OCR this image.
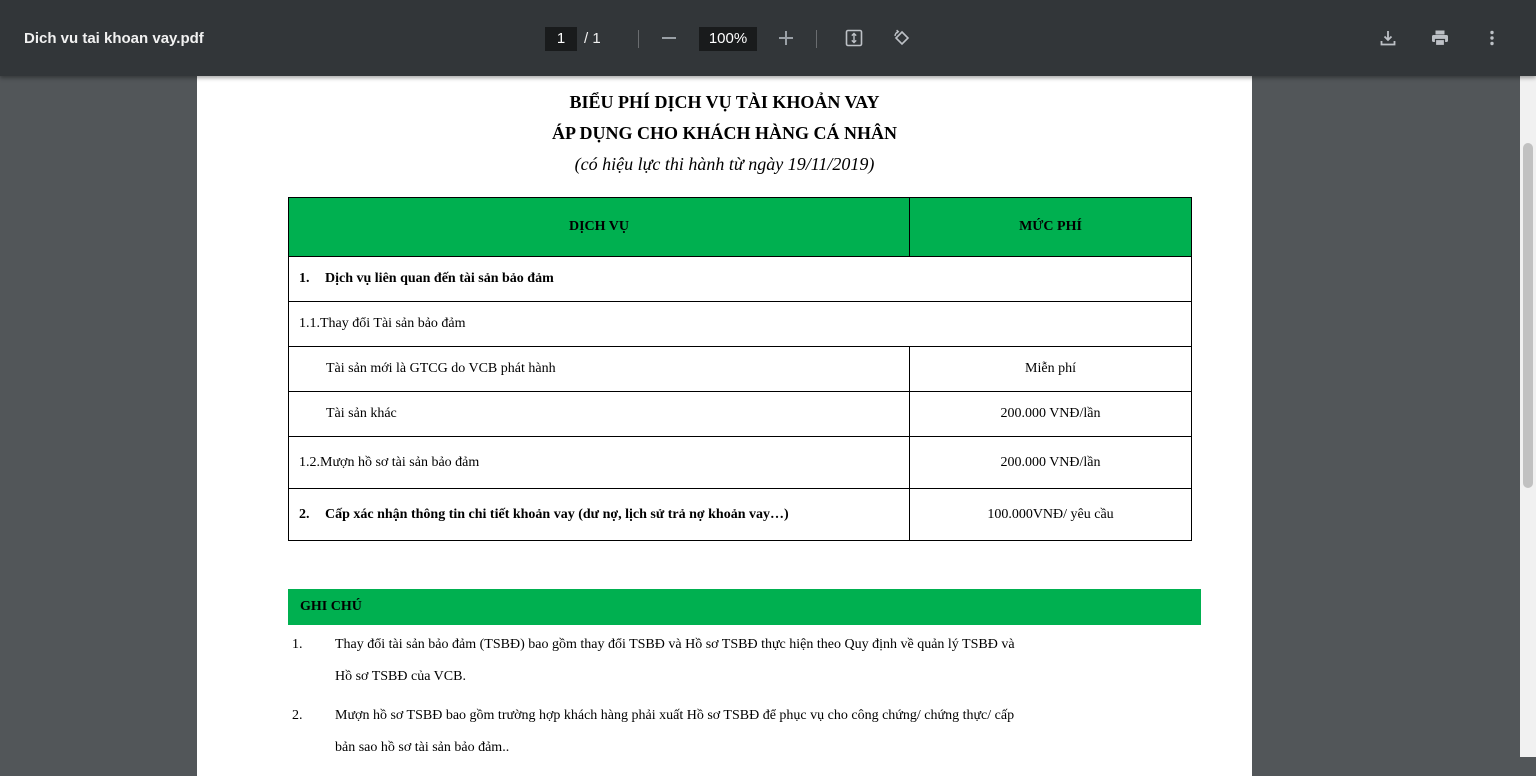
Dich vu tai khoan vay.pdf	1	/ 1	100%
BIỂU PHÍ DỊCH VỤ TÀI KHOẢN VAY
ÁP DỤNG CHO KHÁCH HÀNG CÁ NHÂN
(có hiệu lực thi hành từ ngày 19/11/2019)
DỊCH VỤ	MỨC PHÍ
1. Dịch vụ liên quan đến tài sản bảo đảm	
1.1.Thay đổi Tài sản bảo đảm	
Tài sản mới là GTCG do VCB phát hành	Miễn phí
Tài sản khác	200.000 VNĐ/lần
1.2.Mượn hồ sơ tài sản bảo đảm	200.000 VNĐ/lần
2. Cấp xác nhận thông tin chi tiết khoản vay (dư nợ, lịch sử trả nợ khoản vay…)	100.000VNĐ/ yêu cầu
GHI CHÚ
1. Thay đổi tài sản bảo đảm (TSBĐ) bao gồm thay đổi TSBĐ và Hồ sơ TSBĐ thực hiện theo Quy định về quản lý TSBĐ và
Hồ sơ TSBĐ của VCB.
2. Mượn hồ sơ TSBĐ bao gồm trường hợp khách hàng phải xuất Hồ sơ TSBĐ để phục vụ cho công chứng/ chứng thực/ cấp
bản sao hồ sơ tài sản bảo đảm..
